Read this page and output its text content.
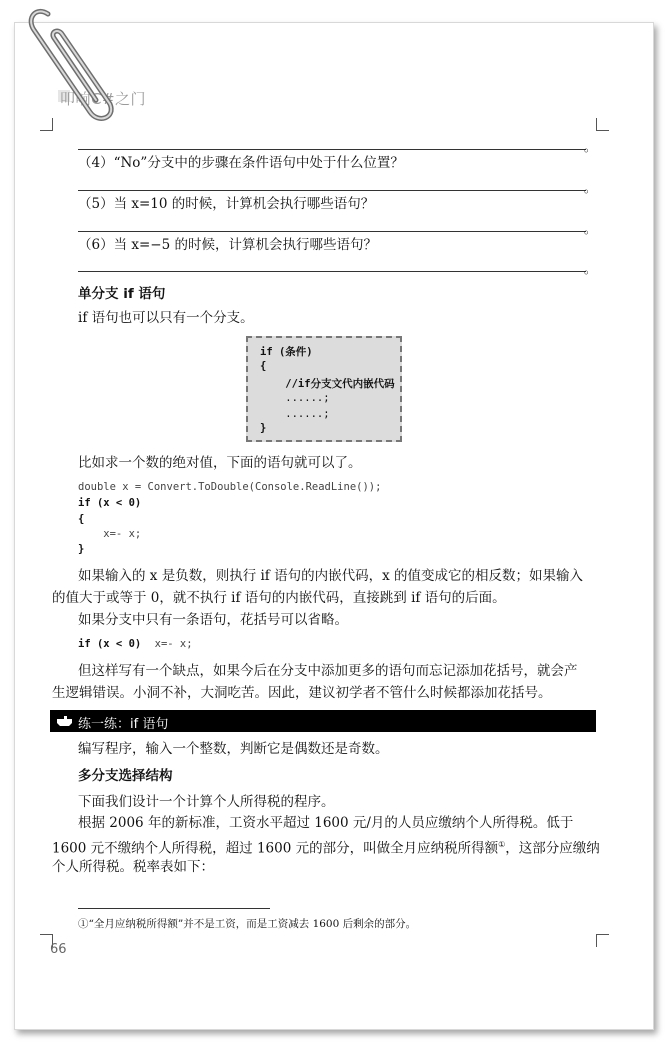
叩响C#之门
。
（4）“No”分支中的步骤在条件语句中处于什么位置？
。
（5）当 x=10 的时候，计算机会执行哪些语句？
。
（6）当 x=−5 的时候，计算机会执行哪些语句？
。
单分支 if 语句
if 语句也可以只有一个分支。
if (条件)
{
//if分支文代内嵌代码
......;
......;
}
比如求一个数的绝对值，下面的语句就可以了。
double x = Convert.ToDouble(Console.ReadLine());
if (x < 0)
{
x=- x;
}
如果输入的 x 是负数，则执行 if 语句的内嵌代码，x 的值变成它的相反数；如果输入
的值大于或等于 0，就不执行 if 语句的内嵌代码，直接跳到 if 语句的后面。
如果分支中只有一条语句，花括号可以省略。
if (x < 0) x=- x;
但这样写有一个缺点，如果今后在分支中添加更多的语句而忘记添加花括号，就会产
生逻辑错误。小洞不补，大洞吃苦。因此，建议初学者不管什么时候都添加花括号。
练一练：if 语句
编写程序，输入一个整数，判断它是偶数还是奇数。
多分支选择结构
下面我们设计一个计算个人所得税的程序。
根据 2006 年的新标准，工资水平超过 1600 元/月的人员应缴纳个人所得税。低于
1600 元不缴纳个人所得税，超过 1600 元的部分，叫做全月应纳税所得额①，这部分应缴纳
个人所得税。税率表如下：
①“全月应纳税所得额”并不是工资，而是工资减去 1600 后剩余的部分。
66
